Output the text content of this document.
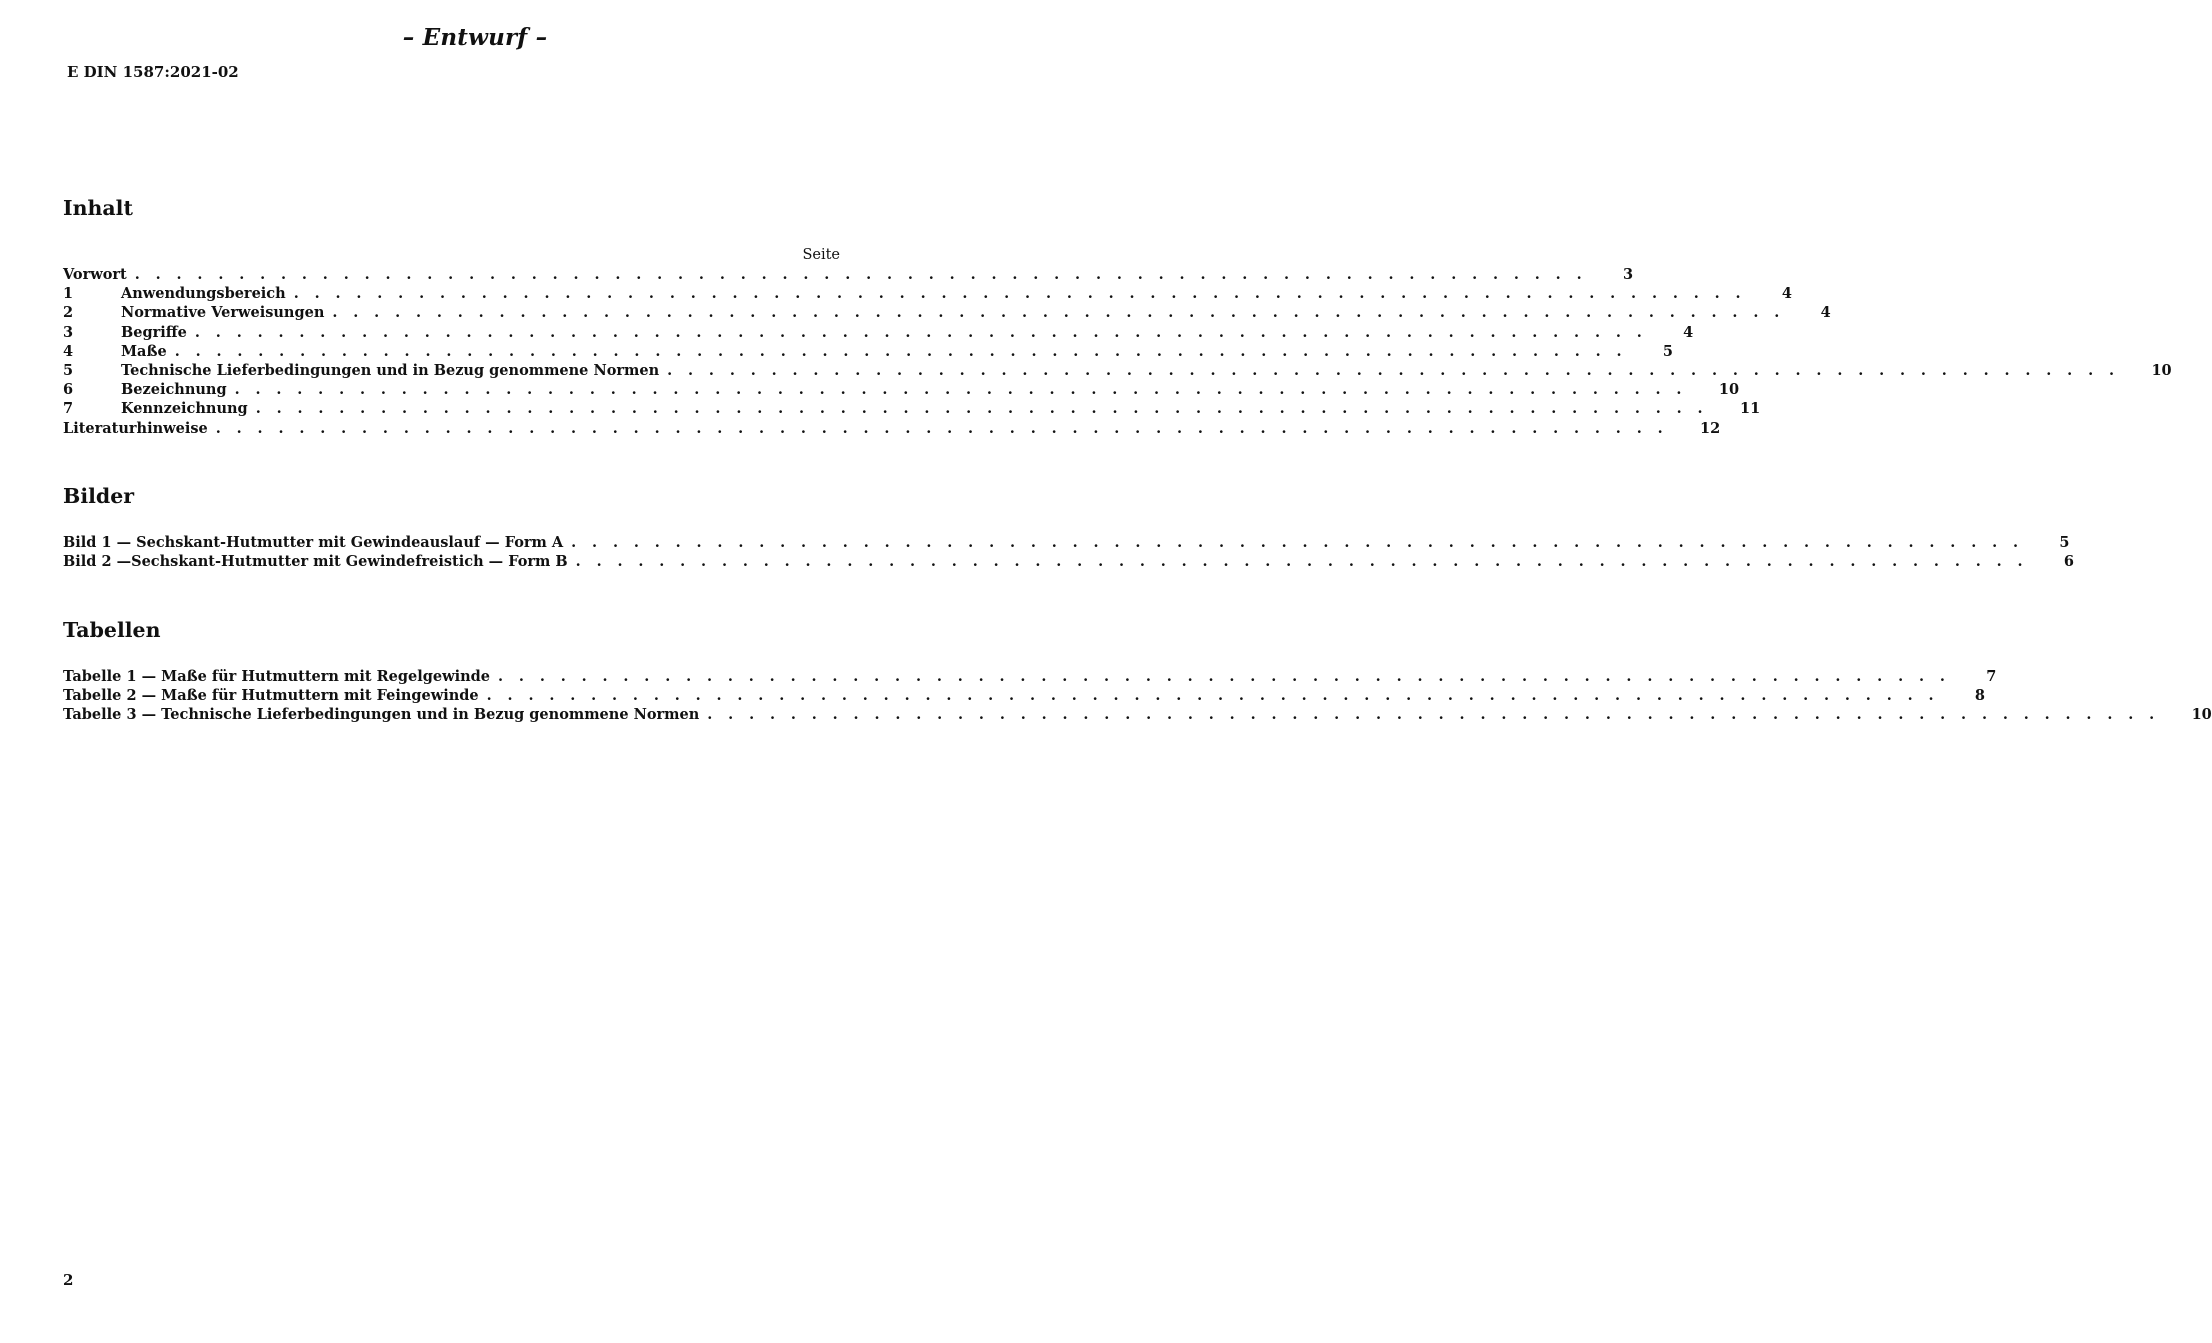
– Entwurf –
E DIN 1587:2021-02
Inhalt
Seite
Vorwort . . . . . . . . . . . . . . . . . . . . . . . . . . . . . . . . . . . . . . . . . . . . . . . . . . . . . . . . . . . . . . . . . . . . . . 3
1	Anwendungsbereich . . . . . . . . . . . . . . . . . . . . . . . . . . . . . . . . . . . . . . . . . . . . . . . . . . . . . . . . . . . . . . . . . . . . . . 4
2	Normative Verweisungen . . . . . . . . . . . . . . . . . . . . . . . . . . . . . . . . . . . . . . . . . . . . . . . . . . . . . . . . . . . . . . . . . . . . . . 4
3	Begriffe . . . . . . . . . . . . . . . . . . . . . . . . . . . . . . . . . . . . . . . . . . . . . . . . . . . . . . . . . . . . . . . . . . . . . . 4
4	Maße . . . . . . . . . . . . . . . . . . . . . . . . . . . . . . . . . . . . . . . . . . . . . . . . . . . . . . . . . . . . . . . . . . . . . . 5
5	Technische Lieferbedingungen und in Bezug genommene Normen . . . . . . . . . . . . . . . . . . . . . . . . . . . . . . . . . . . . . . . . . . . . . . . . . . . . . . . . . . . . . . . . . . . . . . 10
6	Bezeichnung . . . . . . . . . . . . . . . . . . . . . . . . . . . . . . . . . . . . . . . . . . . . . . . . . . . . . . . . . . . . . . . . . . . . . . 10
7	Kennzeichnung . . . . . . . . . . . . . . . . . . . . . . . . . . . . . . . . . . . . . . . . . . . . . . . . . . . . . . . . . . . . . . . . . . . . . . 11
Literaturhinweise . . . . . . . . . . . . . . . . . . . . . . . . . . . . . . . . . . . . . . . . . . . . . . . . . . . . . . . . . . . . . . . . . . . . . . 12
Bilder
Bild 1 — Sechskant-Hutmutter mit Gewindeauslauf — Form A . . . . . . . . . . . . . . . . . . . . . . . . . . . . . . . . . . . . . . . . . . . . . . . . . . . . . . . . . . . . . . . . . . . . . . 5
Bild 2 —Sechskant-Hutmutter mit Gewindefreistich — Form B . . . . . . . . . . . . . . . . . . . . . . . . . . . . . . . . . . . . . . . . . . . . . . . . . . . . . . . . . . . . . . . . . . . . . . 6
Tabellen
Tabelle 1 — Maße für Hutmuttern mit Regelgewinde . . . . . . . . . . . . . . . . . . . . . . . . . . . . . . . . . . . . . . . . . . . . . . . . . . . . . . . . . . . . . . . . . . . . . . 7
Tabelle 2 — Maße für Hutmuttern mit Feingewinde . . . . . . . . . . . . . . . . . . . . . . . . . . . . . . . . . . . . . . . . . . . . . . . . . . . . . . . . . . . . . . . . . . . . . . 8
Tabelle 3 — Technische Lieferbedingungen und in Bezug genommene Normen . . . . . . . . . . . . . . . . . . . . . . . . . . . . . . . . . . . . . . . . . . . . . . . . . . . . . . . . . . . . . . . . . . . . . . 10
2
